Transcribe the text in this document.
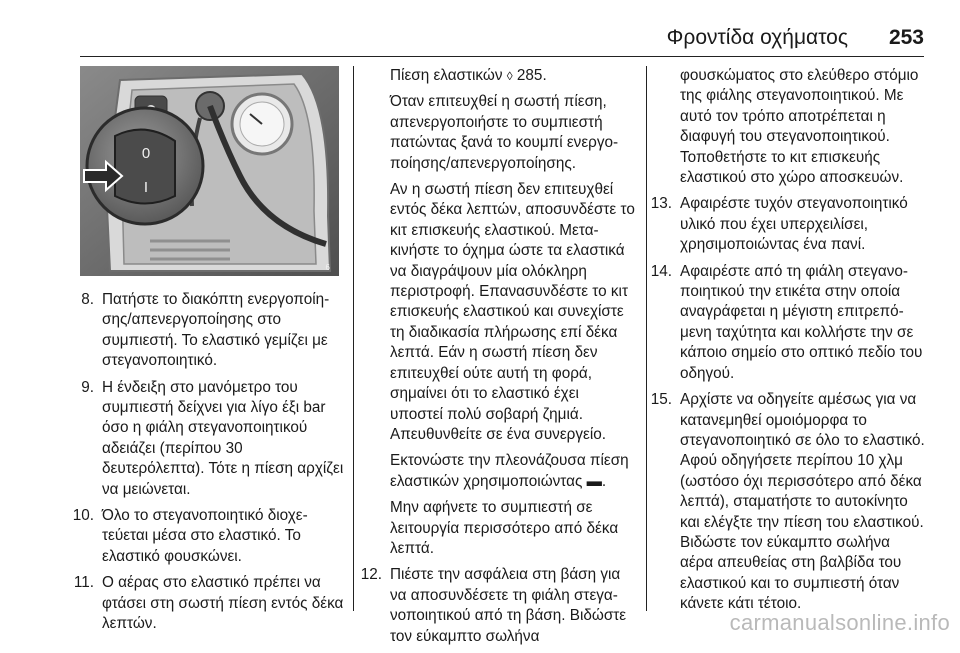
Φροντίδα οχήματος 253
0
I
6
8. Πατήστε το διακόπτη ενεργοποίησης/απενεργοποίησης στο συμπιεστή. Το ελαστικό γεμίζει με στεγανοποιητικό.
9. Η ένδειξη στο μανόμετρο του συμπιεστή δείχνει για λίγο έξι bar όσο η φιάλη στεγανοποιητικού αδειάζει (περίπου 30 δευτερόλεπτα). Τότε η πίεση αρχίζει να μειώνεται.
10. Όλο το στεγανοποιητικό διοχετεύεται μέσα στο ελαστικό. Το ελαστικό φουσκώνει.
11. Ο αέρας στο ελαστικό πρέπει να φτάσει στη σωστή πίεση εντός δέκα λεπτών.

Πίεση ελαστικών ◊ 285.

Όταν επιτευχθεί η σωστή πίεση, απενεργοποιήστε το συμπιεστή πατώντας ξανά το κουμπί ενεργοποίησης/απενεργοποίησης.

Αν η σωστή πίεση δεν επιτευχθεί εντός δέκα λεπτών, αποσυνδέστε το κιτ επισκευής ελαστικού. Μετακινήστε το όχημα ώστε τα ελαστικά να διαγράψουν μία ολόκληρη περιστροφή. Επανασυνδέστε το κιτ επισκευής ελαστικού και συνεχίστε τη διαδικασία πλήρωσης επί δέκα λεπτά. Εάν η σωστή πίεση δεν επιτευχθεί ούτε αυτή τη φορά, σημαίνει ότι το ελαστικό έχει υποστεί πολύ σοβαρή ζημιά. Απευθυνθείτε σε ένα συνεργείο.

Εκτονώστε την πλεονάζουσα πίεση ελαστικών χρησιμοποιώντας ▬.

Μην αφήνετε το συμπιεστή σε λειτουργία περισσότερο από δέκα λεπτά.

12. Πιέστε την ασφάλεια στη βάση για να αποσυνδέσετε τη φιάλη στεγανοποιητικού από τη βάση. Βιδώστε τον εύκαμπτο σωλήνα

φουσκώματος στο ελεύθερο στόμιο της φιάλης στεγανοποιητικού. Με αυτό τον τρόπο αποτρέπεται η διαφυγή του στεγανοποιητικού. Τοποθετήστε το κιτ επισκευής ελαστικού στο χώρο αποσκευών.

13. Αφαιρέστε τυχόν στεγανοποιητικό υλικό που έχει υπερχειλίσει, χρησιμοποιώντας ένα πανί.
14. Αφαιρέστε από τη φιάλη στεγανοποιητικού την ετικέτα στην οποία αναγράφεται η μέγιστη επιτρεπόμενη ταχύτητα και κολλήστε την σε κάποιο σημείο στο οπτικό πεδίο του οδηγού.
15. Αρχίστε να οδηγείτε αμέσως για να κατανεμηθεί ομοιόμορφα το στεγανοποιητικό σε όλο το ελαστικό. Αφού οδηγήσετε περίπου 10 χλμ (ωστόσο όχι περισσότερο από δέκα λεπτά), σταματήστε το αυτοκίνητο και ελέγξτε την πίεση του ελαστικού. Βιδώστε τον εύκαμπτο σωλήνα αέρα απευθείας στη βαλβίδα του ελαστικού και το συμπιεστή όταν κάνετε κάτι τέτοιο.
carmanualsonline.info
